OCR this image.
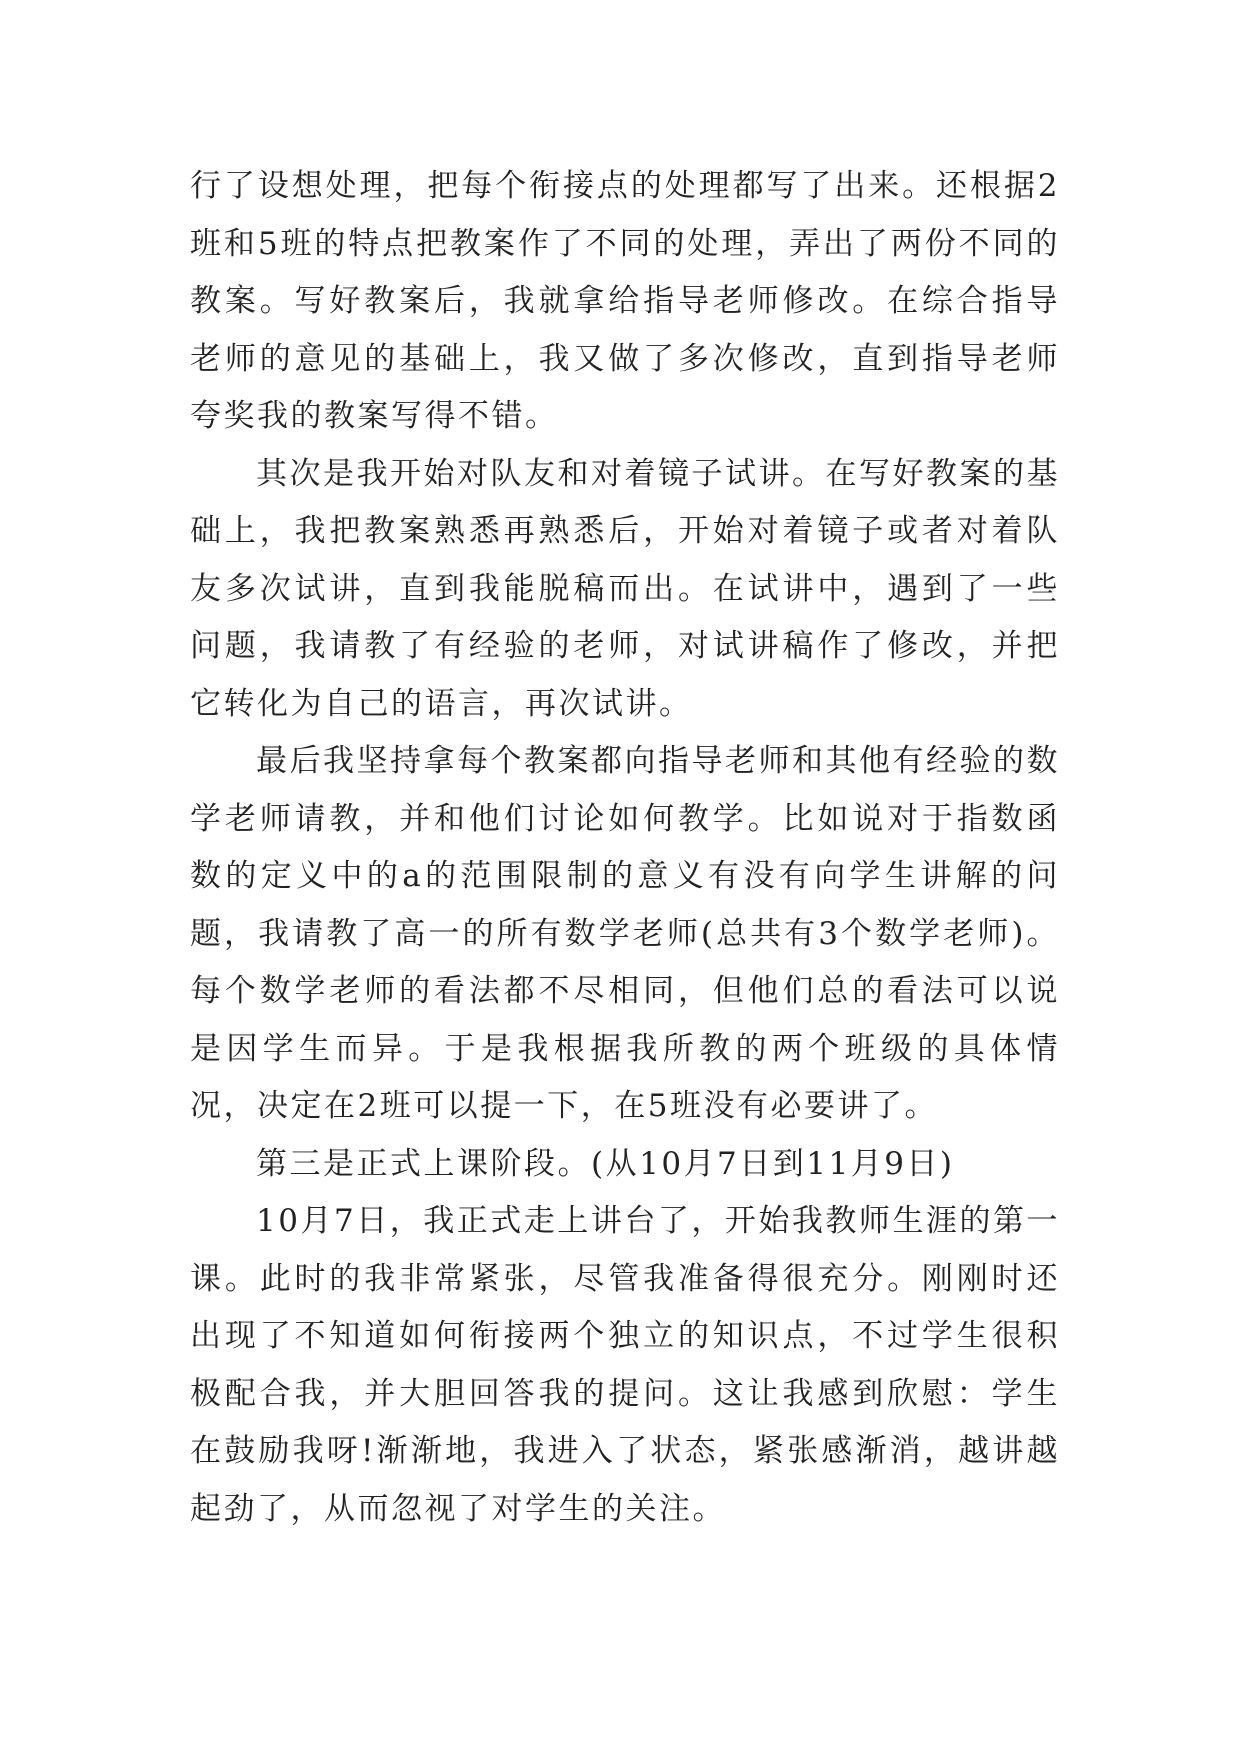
行了设想处理，把每个衔接点的处理都写了出来。还根据2班和5班的特点把教案作了不同的处理，弄出了两份不同的教案。写好教案后，我就拿给指导老师修改。在综合指导老师的意见的基础上，我又做了多次修改，直到指导老师夸奖我的教案写得不错。

其次是我开始对队友和对着镜子试讲。在写好教案的基础上，我把教案熟悉再熟悉后，开始对着镜子或者对着队友多次试讲，直到我能脱稿而出。在试讲中，遇到了一些问题，我请教了有经验的老师，对试讲稿作了修改，并把它转化为自己的语言，再次试讲。

最后我坚持拿每个教案都向指导老师和其他有经验的数学老师请教，并和他们讨论如何教学。比如说对于指数函数的定义中的a的范围限制的意义有没有向学生讲解的问题，我请教了高一的所有数学老师(总共有3个数学老师)。每个数学老师的看法都不尽相同，但他们总的看法可以说是因学生而异。于是我根据我所教的两个班级的具体情况，决定在2班可以提一下，在5班没有必要讲了。

第三是正式上课阶段。(从10月7日到11月9日)

10月7日，我正式走上讲台了，开始我教师生涯的第一课。此时的我非常紧张，尽管我准备得很充分。刚刚时还出现了不知道如何衔接两个独立的知识点，不过学生很积极配合我，并大胆回答我的提问。这让我感到欣慰：学生在鼓励我呀!渐渐地，我进入了状态，紧张感渐消，越讲越起劲了，从而忽视了对学生的关注。
